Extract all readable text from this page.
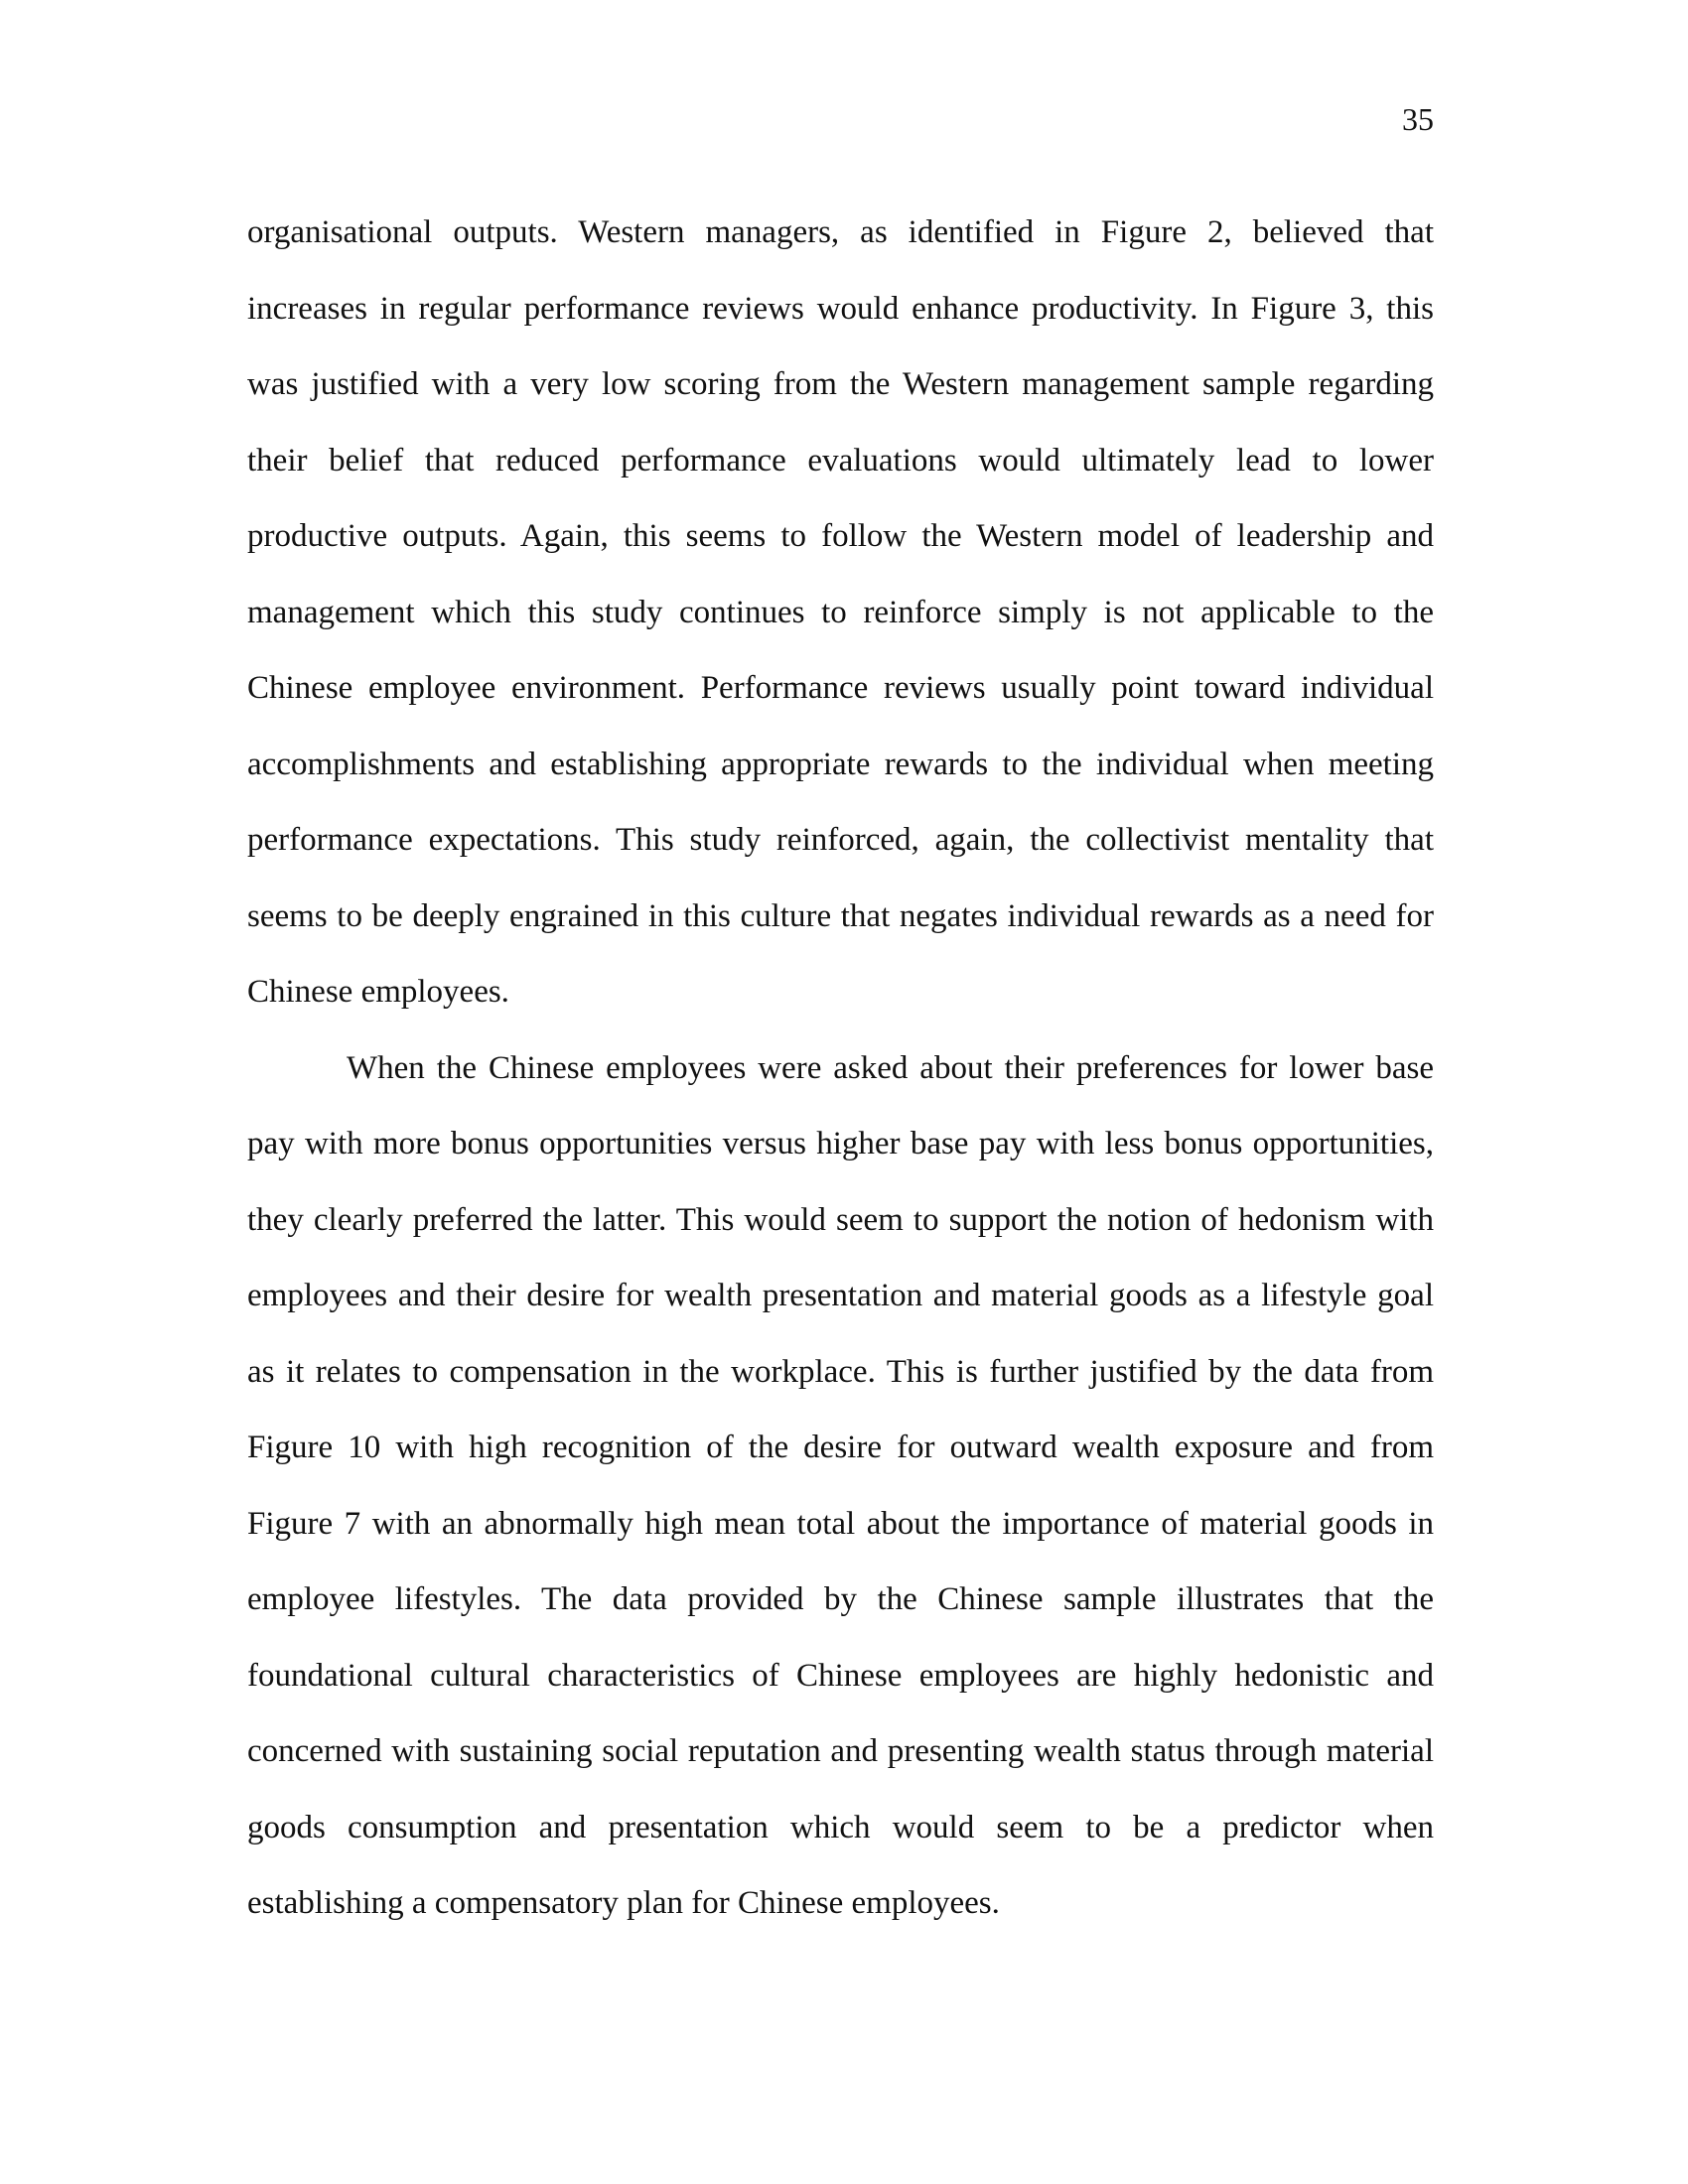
35

organisational outputs. Western managers, as identified in Figure 2, believed that increases in regular performance reviews would enhance productivity. In Figure 3, this was justified with a very low scoring from the Western management sample regarding their belief that reduced performance evaluations would ultimately lead to lower productive outputs. Again, this seems to follow the Western model of leadership and management which this study continues to reinforce simply is not applicable to the Chinese employee environment. Performance reviews usually point toward individual accomplishments and establishing appropriate rewards to the individual when meeting performance expectations. This study reinforced, again, the collectivist mentality that seems to be deeply engrained in this culture that negates individual rewards as a need for Chinese employees.

When the Chinese employees were asked about their preferences for lower base pay with more bonus opportunities versus higher base pay with less bonus opportunities, they clearly preferred the latter. This would seem to support the notion of hedonism with employees and their desire for wealth presentation and material goods as a lifestyle goal as it relates to compensation in the workplace. This is further justified by the data from Figure 10 with high recognition of the desire for outward wealth exposure and from Figure 7 with an abnormally high mean total about the importance of material goods in employee lifestyles. The data provided by the Chinese sample illustrates that the foundational cultural characteristics of Chinese employees are highly hedonistic and concerned with sustaining social reputation and presenting wealth status through material goods consumption and presentation which would seem to be a predictor when establishing a compensatory plan for Chinese employees.
